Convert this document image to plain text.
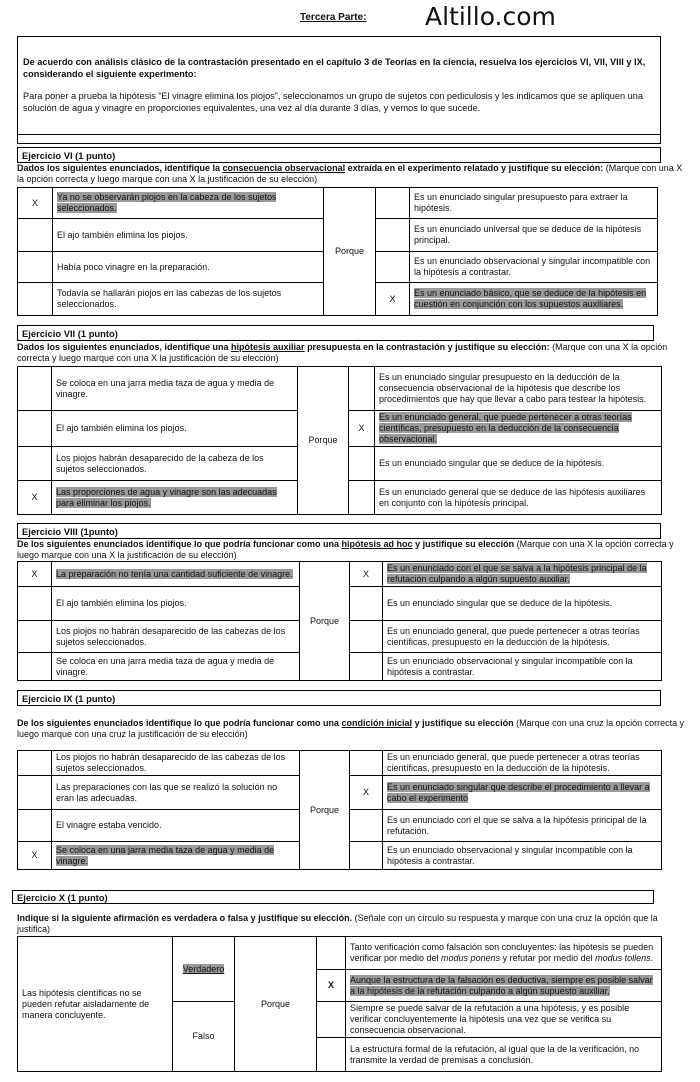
Tercera Parte: Altillo.com
De acuerdo con análisis clásico de la contrastación presentado en el capítulo 3 de Teorías en la ciencia, resuelva los ejercicios VI, VII, VIII y IX, considerando el siguiente experimento:
Para poner a prueba la hipótesis “El vinagre elimina los piojos”, seleccionamos un grupo de sujetos con pediculosis y les indicamos que se apliquen una solución de agua y vinagre en proporciones equivalentes, una vez al día durante 3 días, y vemos lo que sucede.
Ejercicio VI (1 punto)
Dados los siguientes enunciados, identifique la consecuencia observacional extraída en el experimento relatado y justifique su elección: (Marque con una X la opción correcta y luego marque con una X la justificación de su elección)
X	Ya no se observarán piojos en la cabeza de los sujetos seleccionados.	Porque		Es un enunciado singular presupuesto para extraer la hipótesis.
	El ajo también elimina los piojos.			Es un enunciado universal que se deduce de la hipótesis principal.
	Había poco vinagre en la preparación.			Es un enunciado observacional y singular incompatible con la hipótesis a contrastar.
	Todavía se hallarán piojos en las cabezas de los sujetos seleccionados.		X	Es un enunciado básico, que se deduce de la hipótesis en cuestión en conjunción con los supuestos auxiliares.
Ejercicio VII (1 punto)
Dados los siguientes enunciados, identifique una hipótesis auxiliar presupuesta en la contrastación y justifique su elección: (Marque con una X la opción correcta y luego marque con una X la justificación de su elección)
	Se coloca en una jarra media taza de agua y media de vinagre.	Porque		Es un enunciado singular presupuesto en la deducción de la consecuencia observacional de la hipótesis que describe los procedimientos que hay que llevar a cabo para testear la hipótesis.
	El ajo también elimina los piojos.		X	Es un enunciado general, que puede pertenecer a otras teorías científicas, presupuesto en la deducción de la consecuencia observacional.
	Los piojos habrán desaparecido de la cabeza de los sujetos seleccionados.			Es un enunciado singular que se deduce de la hipótesis.
X	Las proporciones de agua y vinagre son las adecuadas para eliminar los piojos.			Es un enunciado general que se deduce de las hipótesis auxiliares en conjunto con la hipótesis principal.
Ejercicio VIII (1punto)
De los siguientes enunciados identifique lo que podría funcionar como una hipótesis ad hoc y justifique su elección (Marque con una X la opción correcta y luego marque con una X la justificación de su elección)
X	La preparación no tenía una cantidad suficiente de vinagre.	Porque	X	Es un enunciado con el que se salva a la hipótesis principal de la refutación culpando a algún supuesto auxiliar.
	El ajo también elimina los piojos.			Es un enunciado singular que se deduce de la hipótesis.
	Los piojos no habrán desaparecido de las cabezas de los sujetos seleccionados.			Es un enunciado general, que puede pertenecer a otras teorías científicas, presupuesto en la deducción de la hipótesis.
	Se coloca en una jarra media taza de agua y media de vinagre.			Es un enunciado observacional y singular incompatible con la hipótesis a contrastar.
Ejercicio IX (1 punto)
De los siguientes enunciados identifique lo que podría funcionar como una condición inicial y justifique su elección (Marque con una cruz la opción correcta y luego marque con una cruz la justificación de su elección)
	Los piojos no habrán desaparecido de las cabezas de los sujetos seleccionados.	Porque		Es un enunciado general, que puede pertenecer a otras teorías científicas, presupuesto en la deducción de la hipótesis.
	Las preparaciones con las que se realizó la solución no eran las adecuadas.		X	Es un enunciado singular que describe el procedimiento a llevar a cabo el experimento
	El vinagre estaba vencido.			Es un enunciado con el que se salva a la hipótesis principal de la refutación.
X	Se coloca en una jarra media taza de agua y media de vinagre.			Es un enunciado observacional y singular incompatible con la hipótesis a contrastar.
Ejercicio X (1 punto)
Indique si la siguiente afirmación es verdadera o falsa y justifique su elección. (Señale con un círculo su respuesta y marque con una cruz la opción que la justifica)
Las hipótesis científicas no se pueden refutar aisladamente de manera concluyente.	Verdadero	Porque		Tanto verificación como falsación son concluyentes: las hipótesis se pueden verificar por medio del modus ponens y refutar por medio del modus tollens.
			X	Aunque la estructura de la falsación es deductiva, siempre es posible salvar a la hipótesis de la refutación culpando a algún supuesto auxiliar.
	Falso			Siempre se puede salvar de la refutación a una hipótesis, y es posible verificar concluyentemente la hipótesis una vez que se verifica su consecuencia observacional.
				La estructura formal de la refutación, al igual que la de la verificación, no transmite la verdad de premisas a conclusión.
